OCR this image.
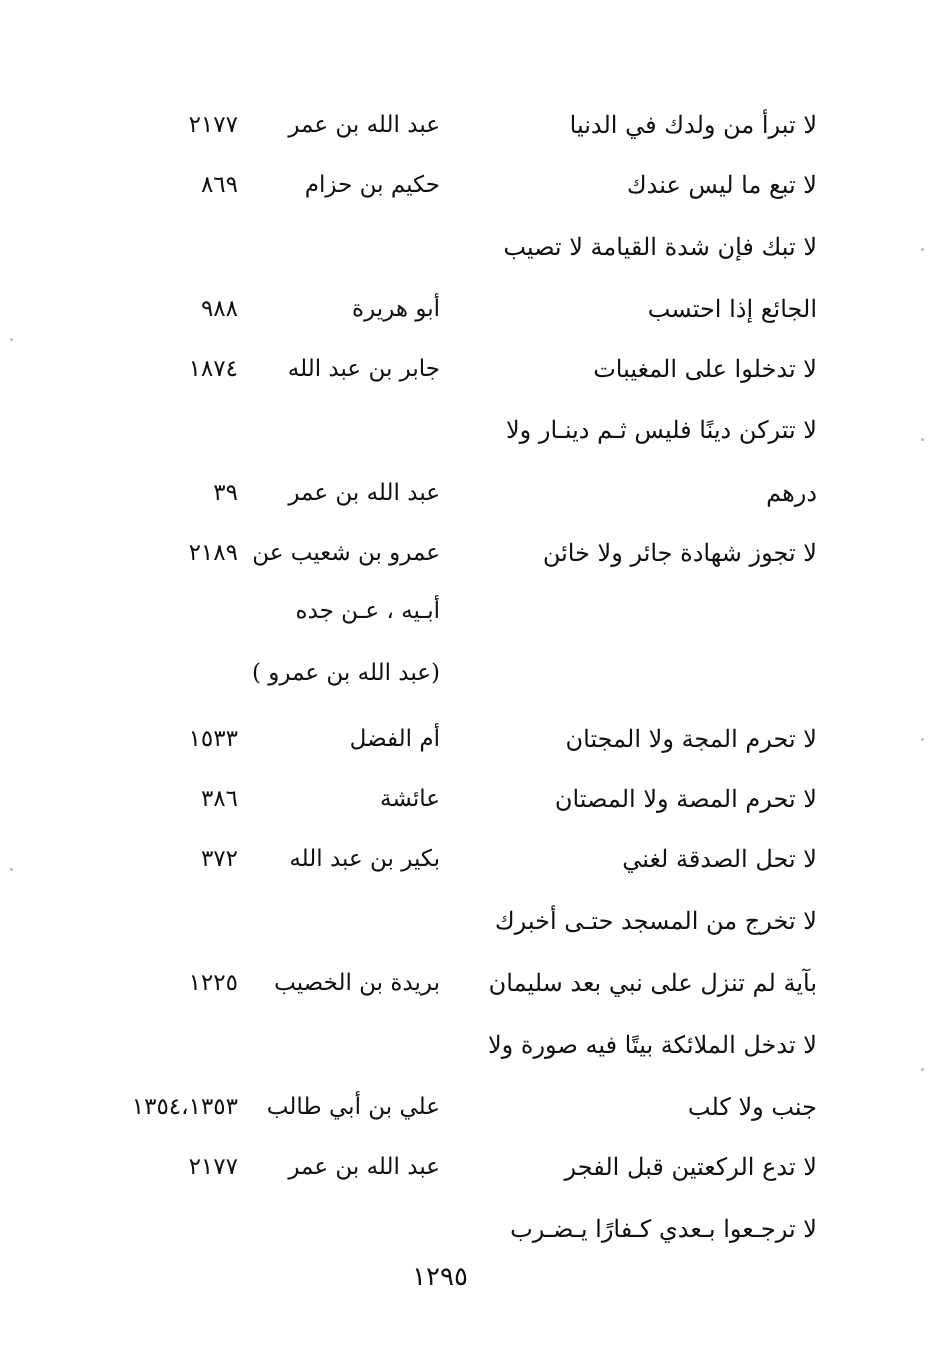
لا تبرأ من ولدك في الدنيا
عبد الله بن عمر
٢١٧٧
لا تبع ما ليس عندك
حكيم بن حزام
٨٦٩
لا تبك فإن شدة القيامة لا تصيب
الجائع إذا احتسب
أبو هريرة
٩٨٨
لا تدخلوا على المغيبات
جابر بن عبد الله
١٨٧٤
لا تتركن دينًا فليس ثـم دينـار ولا
درهم
عبد الله بن عمر
٣٩
لا تجوز شهادة جائر ولا خائن
عمرو بن شعيب عن
٢١٨٩
أبـيه ، عـن جده
(عبد الله بن عمرو )
لا تحرم المجة ولا المجتان
أم الفضل
١٥٣٣
لا تحرم المصة ولا المصتان
عائشة
٣٨٦
لا تحل الصدقة لغني
بكير بن عبد الله
٣٧٢
لا تخرج من المسجد حتـى أخبرك
بآية لم تنزل على نبي بعد سليمان
بريدة بن الخصيب
١٢٢٥
لا تدخل الملائكة بيتًا فيه صورة ولا
جنب ولا كلب
علي بن أبي طالب
١٣٥٤،١٣٥٣
لا تدع الركعتين قبل الفجر
عبد الله بن عمر
٢١٧٧
لا ترجـعوا بـعدي كـفارًا يـضـرب
١٢٩٥
